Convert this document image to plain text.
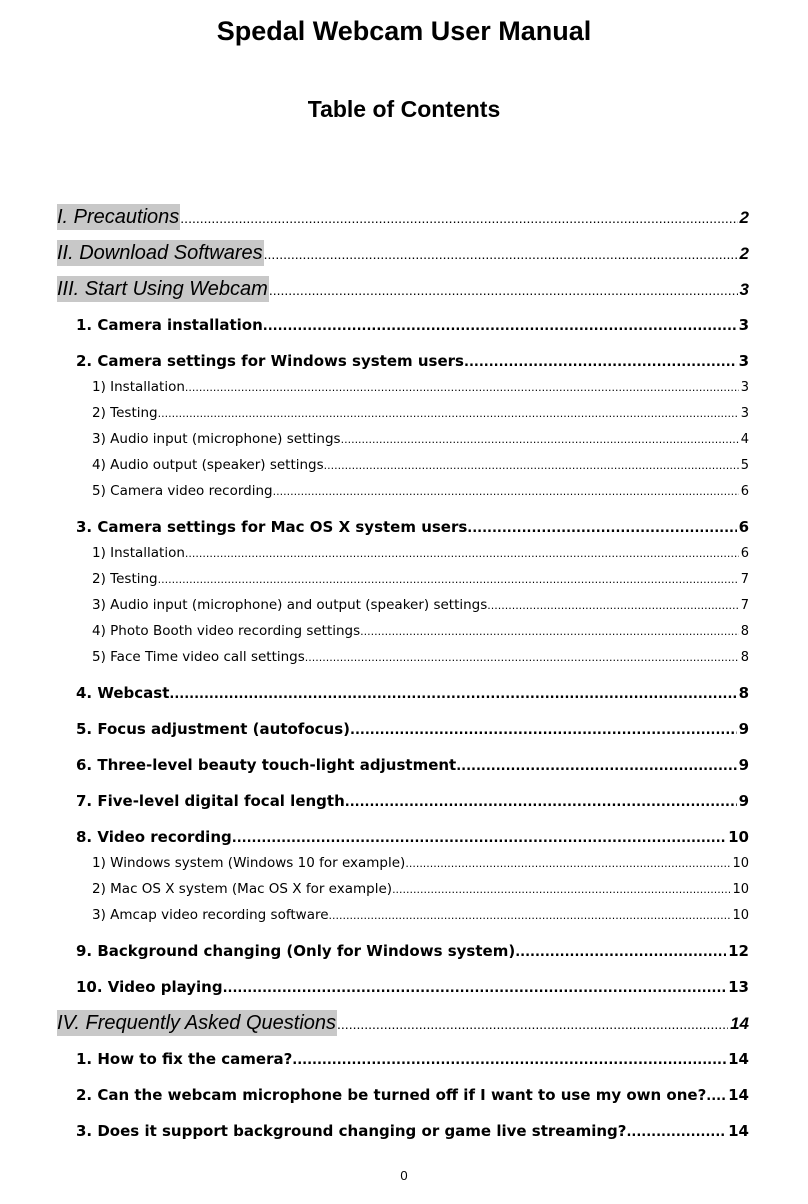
Spedal Webcam User Manual
Table of Contents
I. Precautions .....	2
II. Download Softwares .....	2
III. Start Using Webcam .....	3
1. Camera installation .....	3
2. Camera settings for Windows system users .....	3
1) Installation .....	3
2) Testing .....	3
3) Audio input (microphone) settings .....	4
4) Audio output (speaker) settings .....	5
5) Camera video recording .....	6
3. Camera settings for Mac OS X system users .....	6
1) Installation .....	6
2) Testing .....	7
3) Audio input (microphone) and output (speaker) settings .....	7
4) Photo Booth video recording settings .....	8
5) Face Time video call settings .....	8
4. Webcast .....	8
5. Focus adjustment (autofocus) .....	9
6. Three-level beauty touch-light adjustment .....	9
7. Five-level digital focal length .....	9
8. Video recording .....	10
1) Windows system (Windows 10 for example) .....	10
2) Mac OS X system (Mac OS X for example) .....	10
3) Amcap video recording software .....	10
9. Background changing (Only for Windows system) .....	12
10. Video playing .....	13
IV. Frequently Asked Questions .....	14
1. How to fix the camera? .....	14
2. Can the webcam microphone be turned off if I want to use my own one? ..... 14
3. Does it support background changing or game live streaming? .....	14
0
